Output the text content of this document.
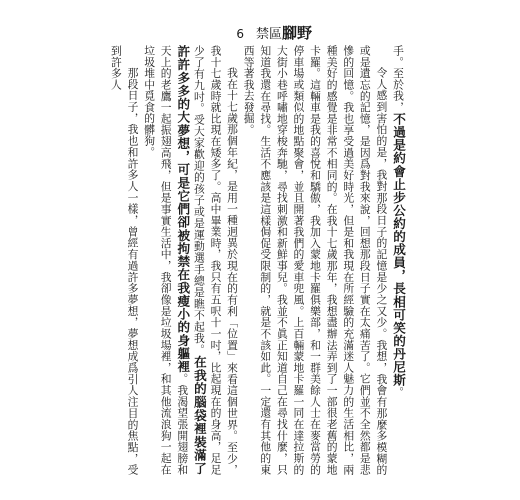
6 禁區腳野

手。至於我，不過是約會止步公約的成員，長相可笑的丹尼斯。

令人感到害怕的是，我對那段日子的記憶是少之又少。我想，我會有那麼多模糊的或是遺忘的記憶，是因爲對我來說，回想那段日子實在太痛苦了。它們並不全然都是悲慘的回憶。我也享受過美好時光，但是和我現在所經驗的充滿迷人魅力的生活相比，兩種美好的感覺是非常不相同的。在我十七歲那年，我想盡辦法弄到了一部很老舊的蒙地卡羅。這輛車是我的喜悅和驕傲，我加入蒙地卡羅俱樂部，和一群美餘人士在麥當勞的停車場或類似的地點聚會，並且開著我們的愛車兜風。上百輛蒙地卡羅一同在達拉斯的大街小巷呼嘯地穿梭奔馳，尋找刺激和新鮮事兒。我並不眞正知道自己在尋找什麼，只知道我還在尋找。生活不應該是這樣侷促受限制的，就是不該如此。一定還有其他的東西等著我去發掘。

我在十七歲那個年紀，是用一種迥異於現在的有利「位置」來看這個世界。至少，我十七歲時就比現在矮多了。高中畢業時，我只有五呎十一吋，比起現在的身高，足足少了有九吋。受大家歡迎的孩子或是運動選手總是瞧不起我。在我的腦袋裡裝滿了許許多多的大夢想，可是它們卻被拘禁在我瘦小的身軀裡。我渴望張開翅膀和天上的老鷹一起振翅高飛，但是事實生活中，我卻像是垃圾場裡，和其他流浪狗一起在垃圾堆中覓食的髒狗。

那段日子，我也和許多人一樣，曾經有過許多夢想，夢想成爲引人注目的焦點，受到許多人
